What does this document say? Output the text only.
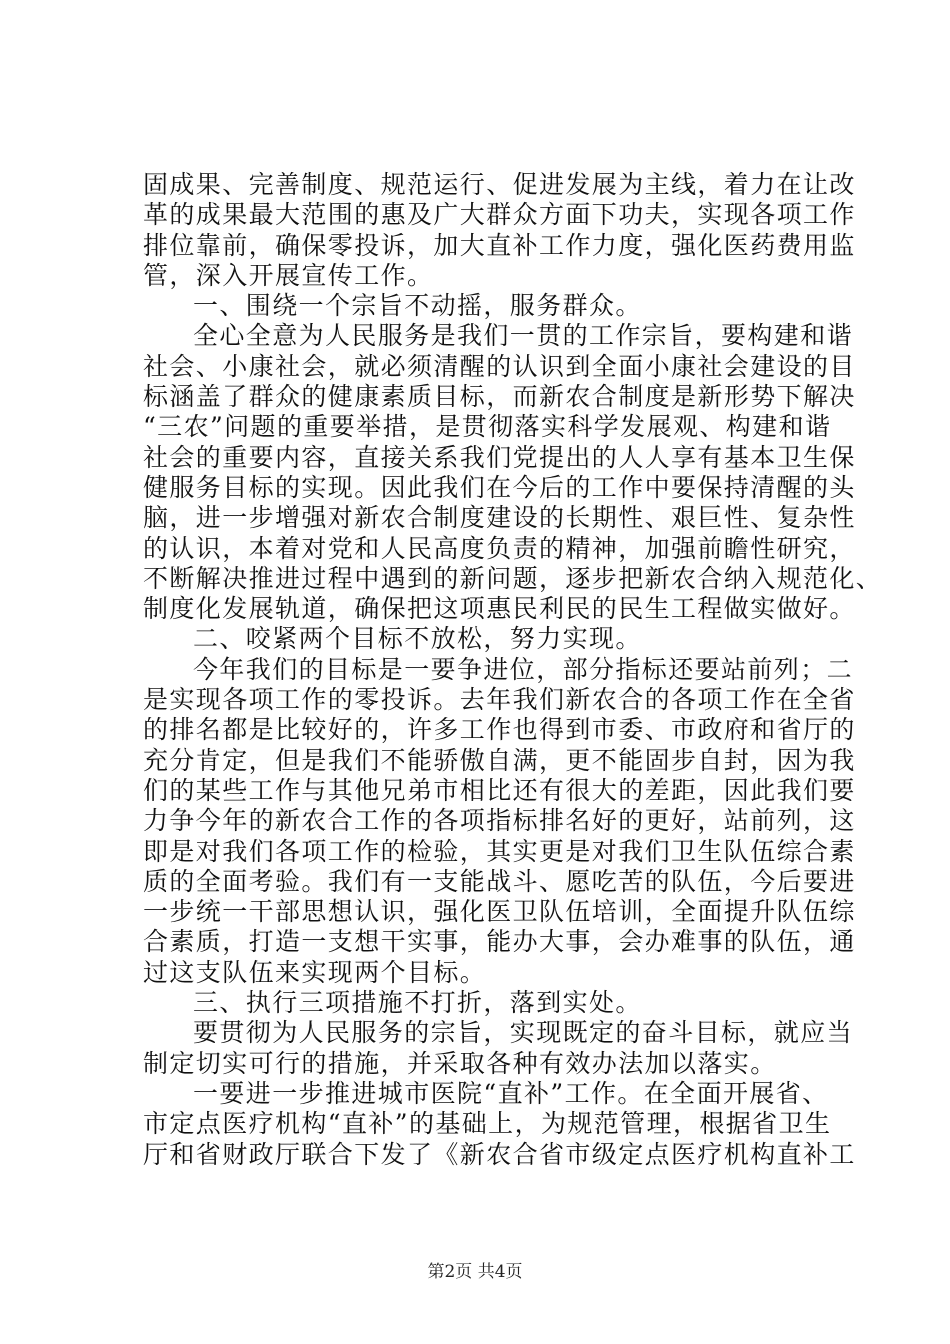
固成果、完善制度、规范运行、促进发展为主线，着力在让改
革的成果最大范围的惠及广大群众方面下功夫，实现各项工作
排位靠前，确保零投诉，加大直补工作力度，强化医药费用监
管，深入开展宣传工作。
一、围绕一个宗旨不动摇，服务群众。
全心全意为人民服务是我们一贯的工作宗旨，要构建和谐
社会、小康社会，就必须清醒的认识到全面小康社会建设的目
标涵盖了群众的健康素质目标，而新农合制度是新形势下解决
“三农”问题的重要举措，是贯彻落实科学发展观、构建和谐
社会的重要内容，直接关系我们党提出的人人享有基本卫生保
健服务目标的实现。因此我们在今后的工作中要保持清醒的头
脑，进一步增强对新农合制度建设的长期性、艰巨性、复杂性
的认识，本着对党和人民高度负责的精神，加强前瞻性研究，
不断解决推进过程中遇到的新问题，逐步把新农合纳入规范化、
制度化发展轨道，确保把这项惠民利民的民生工程做实做好。
二、咬紧两个目标不放松，努力实现。
今年我们的目标是一要争进位，部分指标还要站前列；二
是实现各项工作的零投诉。去年我们新农合的各项工作在全省
的排名都是比较好的，许多工作也得到市委、市政府和省厅的
充分肯定，但是我们不能骄傲自满，更不能固步自封，因为我
们的某些工作与其他兄弟市相比还有很大的差距，因此我们要
力争今年的新农合工作的各项指标排名好的更好，站前列，这
即是对我们各项工作的检验，其实更是对我们卫生队伍综合素
质的全面考验。我们有一支能战斗、愿吃苦的队伍，今后要进
一步统一干部思想认识，强化医卫队伍培训，全面提升队伍综
合素质，打造一支想干实事，能办大事，会办难事的队伍，通
过这支队伍来实现两个目标。
三、执行三项措施不打折，落到实处。
要贯彻为人民服务的宗旨，实现既定的奋斗目标，就应当
制定切实可行的措施，并采取各种有效办法加以落实。
一要进一步推进城市医院“直补”工作。在全面开展省、
市定点医疗机构“直补”的基础上，为规范管理，根据省卫生
厅和省财政厅联合下发了《新农合省市级定点医疗机构直补工
第2页 共4页
